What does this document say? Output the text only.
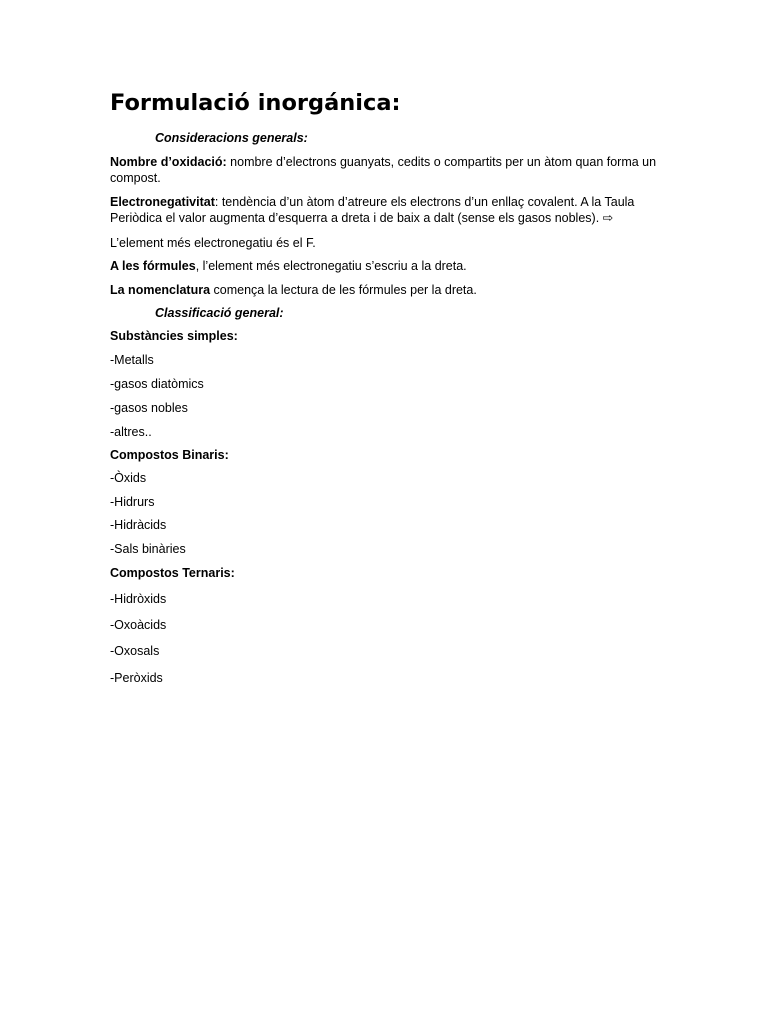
Formulació inorgánica:
Consideracions generals:
Nombre d’oxidació: nombre d’electrons guanyats, cedits o compartits per un àtom quan forma un compost.
Electronegativitat: tendència d’un àtom d’atreure els electrons d’un enllaç covalent. A la Taula Periòdica el valor augmenta d’esquerra a dreta i de baix a dalt (sense els gasos nobles). ⇨
L’element més electronegatiu és el F.
A les fórmules, l’element més electronegatiu s’escriu a la dreta.
La nomenclatura comença la lectura de les fórmules per la dreta.
Classificació general:
Substàncies simples:
-Metalls
-gasos diatòmics
-gasos nobles
-altres..
Compostos Binaris:
-Òxids
-Hidrurs
-Hidràcids
-Sals binàries
Compostos Ternaris:
-Hidròxids
-Oxoàcids
-Oxosals
-Peròxids
